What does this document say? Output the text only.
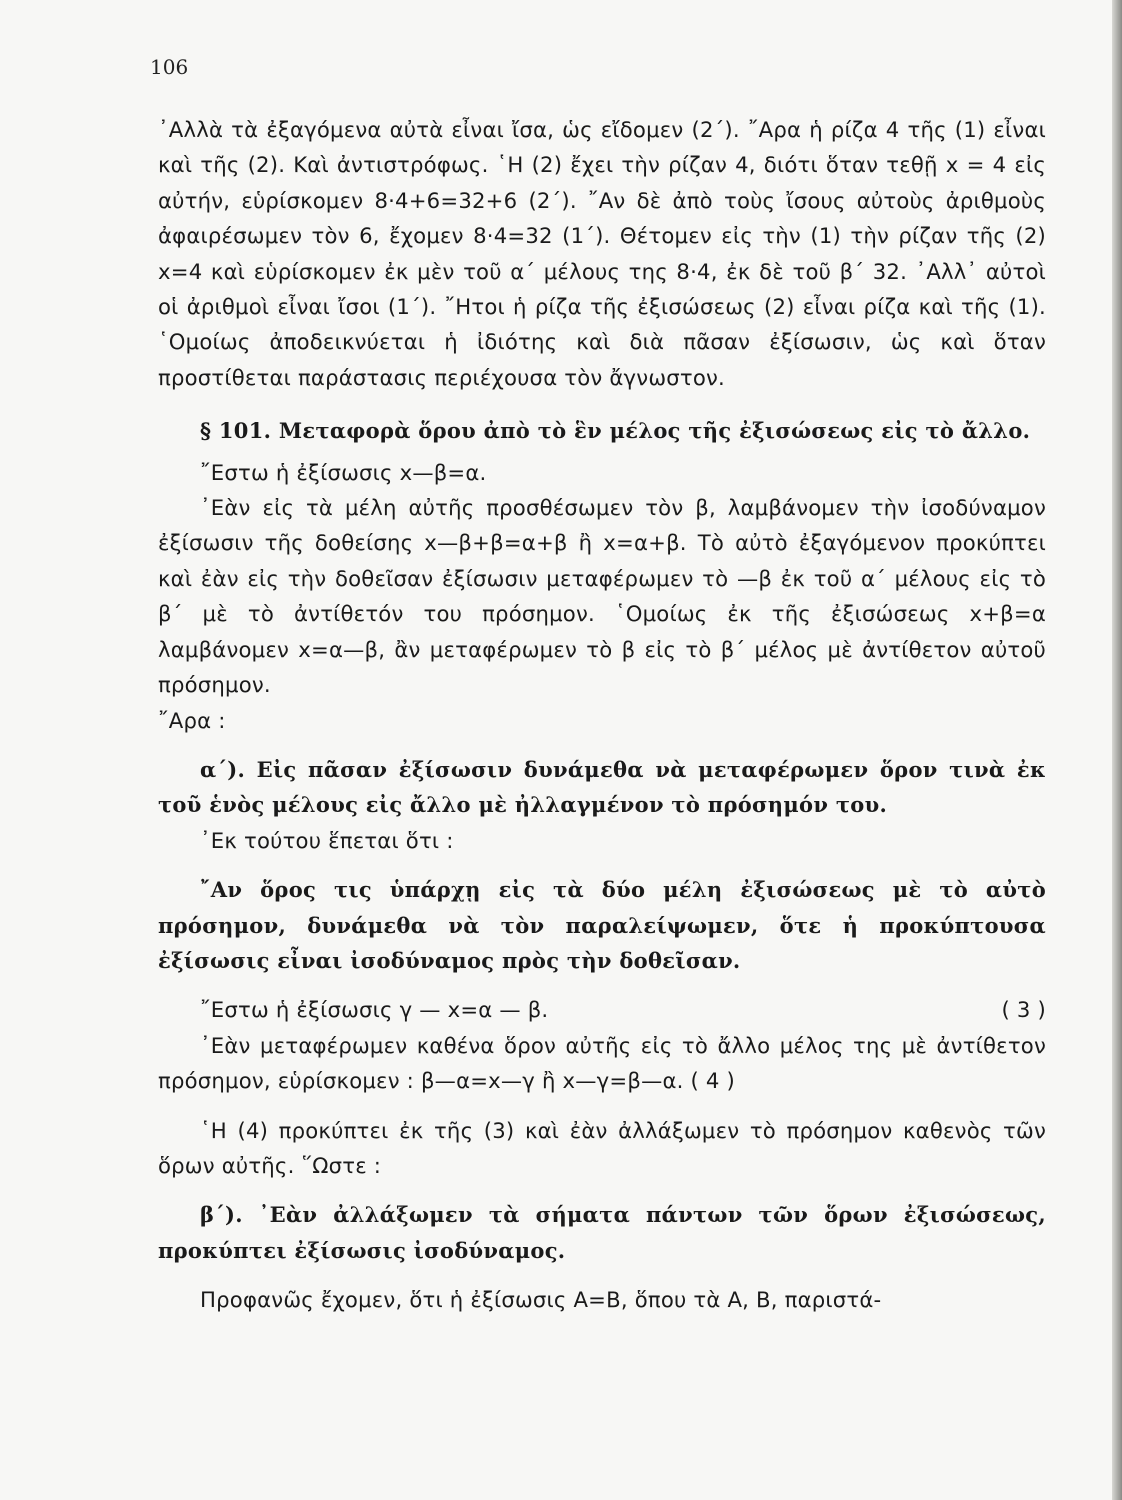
106

᾿Αλλὰ τὰ ἐξαγόμενα αὐτὰ εἶναι ἴσα, ὡς εἴδομεν (2΄). ῎Αρα ἡ ρίζα 4 τῆς (1) εἶναι καὶ τῆς (2). Καὶ ἀντιστρόφως. ῾Η (2) ἔχει τὴν ρίζαν 4, διότι ὅταν τεθῇ x = 4 εἰς αὐτήν, εὑρίσκομεν 8·4+6=32+6 (2΄). ῎Αν δὲ ἀπὸ τοὺς ἴσους αὐτοὺς ἀριθμοὺς ἀφαιρέσωμεν τὸν 6, ἔχομεν 8·4=32 (1΄). Θέτομεν εἰς τὴν (1) τὴν ρίζαν τῆς (2) x=4 καὶ εὑρίσκομεν ἐκ μὲν τοῦ α΄ μέλους της 8·4, ἐκ δὲ τοῦ β΄ 32. ᾿Αλλ᾿ αὐτοὶ οἱ ἀριθμοὶ εἶναι ἴσοι (1΄). ῎Ητοι ἡ ρίζα τῆς ἐξισώσεως (2) εἶναι ρίζα καὶ τῆς (1). ῾Ομοίως ἀποδεικνύεται ἡ ἰδιότης καὶ διὰ πᾶσαν ἐξίσωσιν, ὡς καὶ ὅταν προστίθεται παράστασις περιέχουσα τὸν ἄγνωστον.

§ 101. Μεταφορὰ ὅρου ἀπὸ τὸ ἓν μέλος τῆς ἐξισώσεως εἰς τὸ ἄλλο.

῎Εστω ἡ ἐξίσωσις x—β=α.

᾿Εὰν εἰς τὰ μέλη αὐτῆς προσθέσωμεν τὸν β, λαμβάνομεν τὴν ἰσοδύναμον ἐξίσωσιν τῆς δοθείσης x—β+β=α+β ἢ x=α+β. Τὸ αὐτὸ ἐξαγόμενον προκύπτει καὶ ἐὰν εἰς τὴν δοθεῖσαν ἐξίσωσιν μεταφέρωμεν τὸ —β ἐκ τοῦ α΄ μέλους εἰς τὸ β΄ μὲ τὸ ἀντίθετόν του πρόσημον. ῾Ομοίως ἐκ τῆς ἐξισώσεως x+β=α λαμβάνομεν x=α—β, ἂν μεταφέρωμεν τὸ β εἰς τὸ β΄ μέλος μὲ ἀντίθετον αὐτοῦ πρόσημον.

῎Αρα :

α΄). Εἰς πᾶσαν ἐξίσωσιν δυνάμεθα νὰ μεταφέρωμεν ὅρον τινὰ ἐκ τοῦ ἑνὸς μέλους εἰς ἄλλο μὲ ἠλλαγμένον τὸ πρόσημόν του.

᾿Εκ τούτου ἕπεται ὅτι :

῎Αν ὅρος τις ὑπάρχῃ εἰς τὰ δύο μέλη ἐξισώσεως μὲ τὸ αὐτὸ πρόσημον, δυνάμεθα νὰ τὸν παραλείψωμεν, ὅτε ἡ προκύπτουσα ἐξίσωσις εἶναι ἰσοδύναμος πρὸς τὴν δοθεῖσαν.

῎Εστω ἡ ἐξίσωσις γ — x=α — β.	( 3 )

᾿Εὰν μεταφέρωμεν καθένα ὅρον αὐτῆς εἰς τὸ ἄλλο μέλος της μὲ ἀντίθετον πρόσημον, εὑρίσκομεν : β—α=x—γ ἢ x—γ=β—α. ( 4 )

῾Η (4) προκύπτει ἐκ τῆς (3) καὶ ἐὰν ἀλλάξωμεν τὸ πρόσημον καθενὸς τῶν ὅρων αὐτῆς. ῞Ωστε :

β΄). ᾿Εὰν ἀλλάξωμεν τὰ σήματα πάντων τῶν ὅρων ἐξισώσεως, προκύπτει ἐξίσωσις ἰσοδύναμος.

Προφανῶς ἔχομεν, ὅτι ἡ ἐξίσωσις Α=Β, ὅπου τὰ Α, Β, παριστά-
